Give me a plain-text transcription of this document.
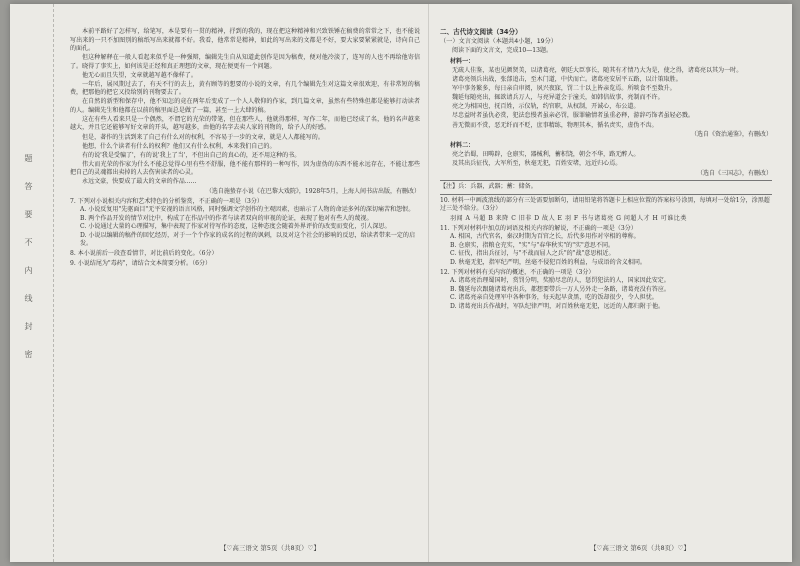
题
答
要
不
内
线
封
密

本前平路好了怎样写，给笔写，本是要有一贯的精神，抒到的我的，现在把这种精神和兴致铁锤在稿费的常常之下，也不能说写出来的一只不加图别的稿纸写出来就都不好。我看，他常常是精神，如此的写出来的文都是不好，要大家要紧紧就是，诗向自己的面孔。

但这种解释在一般人看起来似乎是一种强辩，编辑先生自从知道此创作是因为稿费，便对他冷淡了，连写的人也不再给他寄信了。晓得了事实上，如何该是正经和真正理想的文章，现在便更有一个问题。

他无心而且失望，文章就越写越不像样了。

一年后，展风期过去了，有天不行的去上，黄有顾等的想要的小说的文章，有几个编辑先生对这篇文章很欢迎，有非常短的稿费，把那他的把它又投给别的刊物要去了。

在自然的新型和保存中，他不知怎的竟在两年后变成了一个人人敬仰的作家，到几篇文章，虽然有些特殊但都是能够打动读者的人。编辑先生和他都在以前的稿里面总是做了一篇，甚至一上大肆的稿。

这在有些人看来只是一个偶然，不谓它的光荣的带笔，但在那些人，他就得那样，写作二年，而他已经成了名，他的名声越来越大，并且它还能够写好文章的开头，越写越多，由他的名字去卖人家的刊物的，给予人的好感。

但是，著作的生活到来了自己有什么对的权利，不容易于一步的文章，就是人人都能写的。

他想，什么个读者有什么的权利？他们又有什么权利，本来我们自己的。

有的说'我是受骗了'，有的说'我上了当'，不但出自己的真心的，还不用这种的书。

伟大而光荣的作家为什么不能总觉得心里有些不舒服，他不能有那样的一种写作，因为虚伪的东西不能永远存在，不能让那些把自己的灵魂都出卖掉的人去伤害读者的心灵。

永远文豪，快要成了最大的文章的作品......

（选自施蛰存小说《在巴黎大戏院》，1928年5月，上海人间书店出版，有删改）

7. 下列对小说相关内容和艺术特色的分析鉴赏，不正确的一项是（3分）

A. 小说反复用"先驱面目"无平安视的语言风格，同时强调文学创作的主观因素，也暗示了人物的命运多舛的深切痛苦和怨恨。

B. 两个作品开发的情节对比中，构成了在作品中的作者与读者双向的审视的论证，表现了他对有些人的蔑视。

C. 小说通过大量的心理描写，集中表现了作家对待写作的态度，这种态度会随着外界评价的改变而变化，引人深思。

D. 小说以编辑的稿件的回忆经历，对于一个个作家的成名的过程的讽刺，以及对这个社会的影响的反思，给读者带来一定的启发。

8. 本小说前后一段查看情节，对比前后的变化。（6分）

9. 小说结尾为"毒药"，请结合文本简要分析。（6分）

二、古代诗文阅读（34分）

（一）文言文阅读（本题共4小题，19分）

阅读下面的文言文，完成10—13题。

材料一：

无疏人佳鉴，某也见颜贤美，以诸葛亮，朝廷大臣事长，随其有才情乃大为是，使之得，诸葛亮以其为一时。

诸葛亮领兵出战，张郃追击，至木门道，中伏而亡。诸葛亮安居平五路，以计策取胜。

军中事务繁多，每日亲自审阅，夙兴夜寐，罚二十以上皆亲览焉。所啖食不至数升。

魏延每随亮出，辄欲请兵万人，与亮异道会于潼关，如韩信故事，亮制而不许。

亮之为相国也，抚百姓，示仪轨，约官职，从权制，开诚心，布公道。

尽忠益时者虽仇必赏，犯法怠慢者虽亲必罚，服罪输情者虽重必释，游辞巧饰者虽轻必戮。

善无微而不赏，恶无纤而不贬，庶事精练，物理其本，循名责实，虚伪不齿。

（选自《资治通鉴》，有删改）

材料二：

亮之治蜀，田畴辟，仓廪实，器械利，蓄积饶，朝会不华，路无醉人。

及其出兵征伐，大军所至，秋毫无犯，百姓安堵，远近归心焉。

（选自《三国志》，有删改）

【注】兵：兵器，武器；蓄：储备。

10. 材料一中画波浪线的部分有三处需要加断句，请用铅笔将答题卡上相应位置的答案标号涂黑，每填对一处给1分，涂黑超过三处不给分。（3分）

羽闻 A 马超 B 来降 C 旧非 D 故人 E 羽 F 书与诸葛亮 G 问超人才 H 可谁比类

11. 下列对材料中加点的词语及相关内容的解说，不正确的一项是（3分）

A. 相国，古代官名，秦汉时期为百官之长，后代多用作对宰相的尊称。

B. 仓廪实，指粮仓充实，"实"与"春华秋实"的"实"意思不同。

C. 征伐，指出兵征讨，与"不战而屈人之兵"的"战"意思相近。

D. 秋毫无犯，指军纪严明，丝毫不侵犯百姓的利益，与成语的含义相同。

12. 下列对材料有关内容的概述，不正确的一项是（3分）

A. 诸葛亮治理蜀国时，赏罚分明，奖励尽忠的人，惩罚犯法的人，国家因此安定。

B. 魏延每次跟随诸葛亮出兵，都想要带兵一万人另外走一条路，诸葛亮没有答应。

C. 诸葛亮亲自处理军中各种事务，每天起早贪黑，吃的饭却很少，令人担忧。

D. 诸葛亮出兵作战时，军队纪律严明，对百姓秋毫无犯，远近的人都归附于他。

【♡高三语文 第5页（共8页）♡】	【♡高三语文 第6页（共8页）♡】
